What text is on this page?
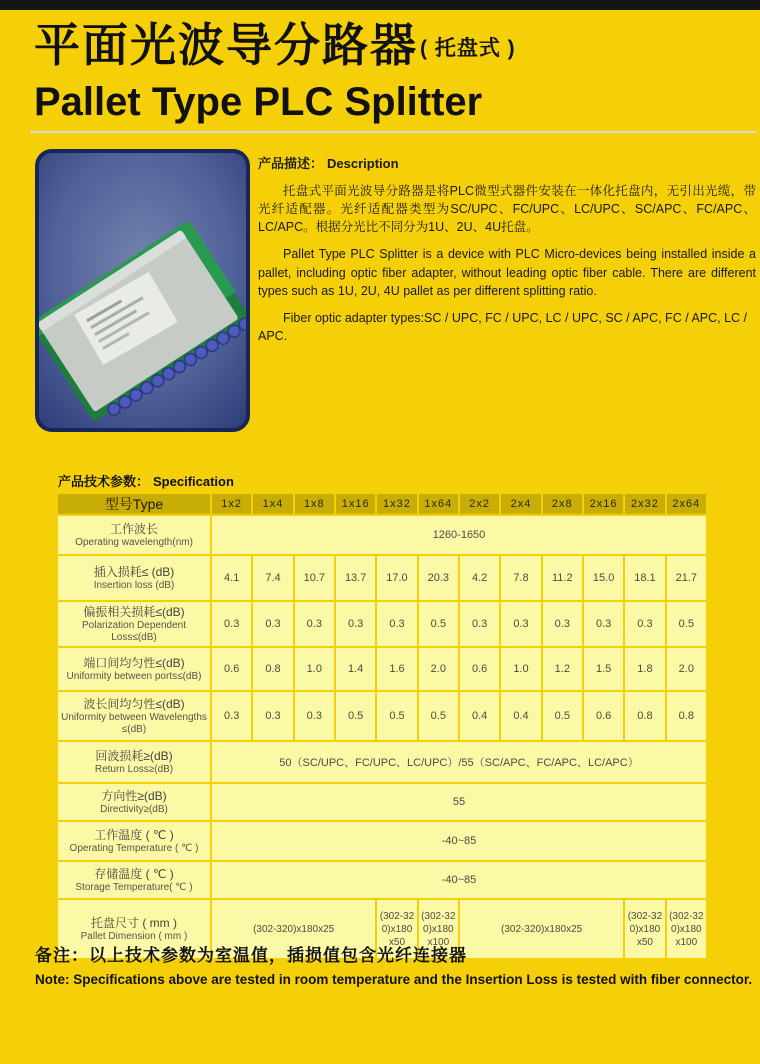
平面光波导分路器( 托盘式 )
Pallet Type PLC Splitter
产品描述： Description

托盘式平面光波导分路器是将PLC微型式器件安装在一体化托盘内，无引出光缆，带光纤适配器。光纤适配器类型为SC/UPC、FC/UPC、LC/UPC、SC/APC、FC/APC、LC/APC。根据分光比不同分为1U、2U、4U托盘。

Pallet Type PLC Splitter is a device with PLC Micro-devices being installed inside a pallet, including optic fiber adapter, without leading optic fiber cable. There are different types such as 1U, 2U, 4U pallet as per different splitting ratio.

Fiber optic adapter types:SC / UPC, FC / UPC, LC / UPC, SC / APC, FC / APC, LC / APC.

产品技术参数： Specification
型号Type	1x2	1x4	1x8	1x16	1x32	1x64	2x2	2x4	2x8	2x16	2x32	2x64

工作波长
Operating wavelength(nm)	1260-1650											

插入损耗≤ (dB)
Insertion loss (dB)	4.1	7.4	10.7	13.7	17.0	20.3	4.2	7.8	11.2	15.0	18.1	21.7

偏振相关损耗≤(dB)
Polarization Dependent Loss≤(dB)	0.3	0.3	0.3	0.3	0.3	0.5	0.3	0.3	0.3	0.3	0.3	0.5

端口间均匀性≤(dB)
Uniformity between ports≤(dB)	0.6	0.8	1.0	1.4	1.6	2.0	0.6	1.0	1.2	1.5	1.8	2.0

波长间均匀性≤(dB)
Uniformity between Wavelengths ≤(dB)	0.3	0.3	0.3	0.5	0.5	0.5	0.4	0.4	0.5	0.6	0.8	0.8

回波损耗≥(dB)
Return Loss≥(dB)	50（SC/UPC、FC/UPC、LC/UPC）/55（SC/APC、FC/APC、LC/APC）											

方向性≥(dB)
Directivity≥(dB)	55											

工作温度 ( ℃ )
Operating Temperature ( ℃ )	-40~85											

存储温度 ( ℃ )
Storage Temperature( ℃ )	-40~85											

托盘尺寸 ( mm )
Pallet Dimension ( mm )	(302-320)x180x25				(302-320)x180x50	(302-320)x180x100	(302-320)x180x25				(302-320)x180x50	(302-320)x180x100
备注：以上技术参数为室温值，插损值包含光纤连接器
Note: Specifications above are tested in room temperature and the Insertion Loss is tested with fiber connector.
